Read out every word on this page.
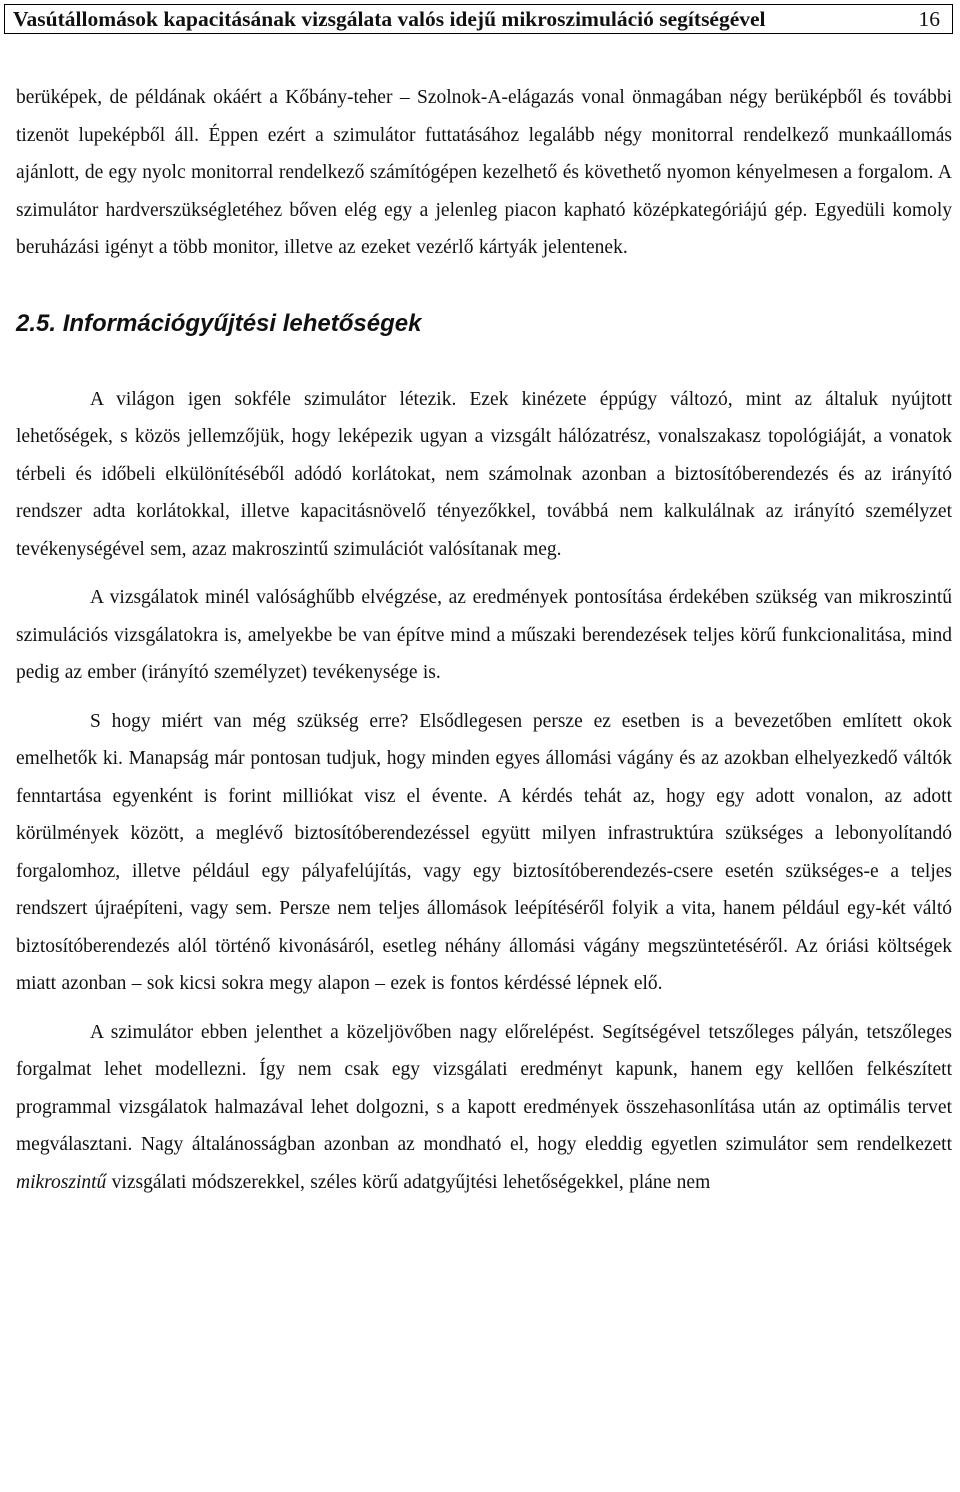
Vasútállomások kapacitásának vizsgálata valós idejű mikroszimuláció segítségével	16

berüképek, de példának okáért a Kőbány-teher – Szolnok-A-elágazás vonal önmagában négy berüképből és további tizenöt lupeképből áll. Éppen ezért a szimulátor futtatásához legalább négy monitorral rendelkező munkaállomás ajánlott, de egy nyolc monitorral rendelkező számítógépen kezelhető és követhető nyomon kényelmesen a forgalom. A szimulátor hardverszükségletéhez bőven elég egy a jelenleg piacon kapható középkategóriájú gép. Egyedüli komoly beruházási igényt a több monitor, illetve az ezeket vezérlő kártyák jelentenek.

2.5. Információgyűjtési lehetőségek

A világon igen sokféle szimulátor létezik. Ezek kinézete éppúgy változó, mint az általuk nyújtott lehetőségek, s közös jellemzőjük, hogy leképezik ugyan a vizsgált hálózatrész, vonalszakasz topológiáját, a vonatok térbeli és időbeli elkülönítéséből adódó korlátokat, nem számolnak azonban a biztosítóberendezés és az irányító rendszer adta korlátokkal, illetve kapacitásnövelő tényezőkkel, továbbá nem kalkulálnak az irányító személyzet tevékenységével sem, azaz makroszintű szimulációt valósítanak meg.

A vizsgálatok minél valósághűbb elvégzése, az eredmények pontosítása érdekében szükség van mikroszintű szimulációs vizsgálatokra is, amelyekbe be van építve mind a műszaki berendezések teljes körű funkcionalitása, mind pedig az ember (irányító személyzet) tevékenysége is.

S hogy miért van még szükség erre? Elsődlegesen persze ez esetben is a bevezetőben említett okok emelhetők ki. Manapság már pontosan tudjuk, hogy minden egyes állomási vágány és az azokban elhelyezkedő váltók fenntartása egyenként is forint milliókat visz el évente. A kérdés tehát az, hogy egy adott vonalon, az adott körülmények között, a meglévő biztosítóberendezéssel együtt milyen infrastruktúra szükséges a lebonyolítandó forgalomhoz, illetve például egy pályafelújítás, vagy egy biztosítóberendezés-csere esetén szükséges-e a teljes rendszert újraépíteni, vagy sem. Persze nem teljes állomások leépítéséről folyik a vita, hanem például egy-két váltó biztosítóberendezés alól történő kivonásáról, esetleg néhány állomási vágány megszüntetéséről. Az óriási költségek miatt azonban – sok kicsi sokra megy alapon – ezek is fontos kérdéssé lépnek elő.

A szimulátor ebben jelenthet a közeljövőben nagy előrelépést. Segítségével tetszőleges pályán, tetszőleges forgalmat lehet modellezni. Így nem csak egy vizsgálati eredményt kapunk, hanem egy kellően felkészített programmal vizsgálatok halmazával lehet dolgozni, s a kapott eredmények összehasonlítása után az optimális tervet megválasztani. Nagy általánosságban azonban az mondható el, hogy eleddig egyetlen szimulátor sem rendelkezett mikroszintű vizsgálati módszerekkel, széles körű adatgyűjtési lehetőségekkel, pláne nem
